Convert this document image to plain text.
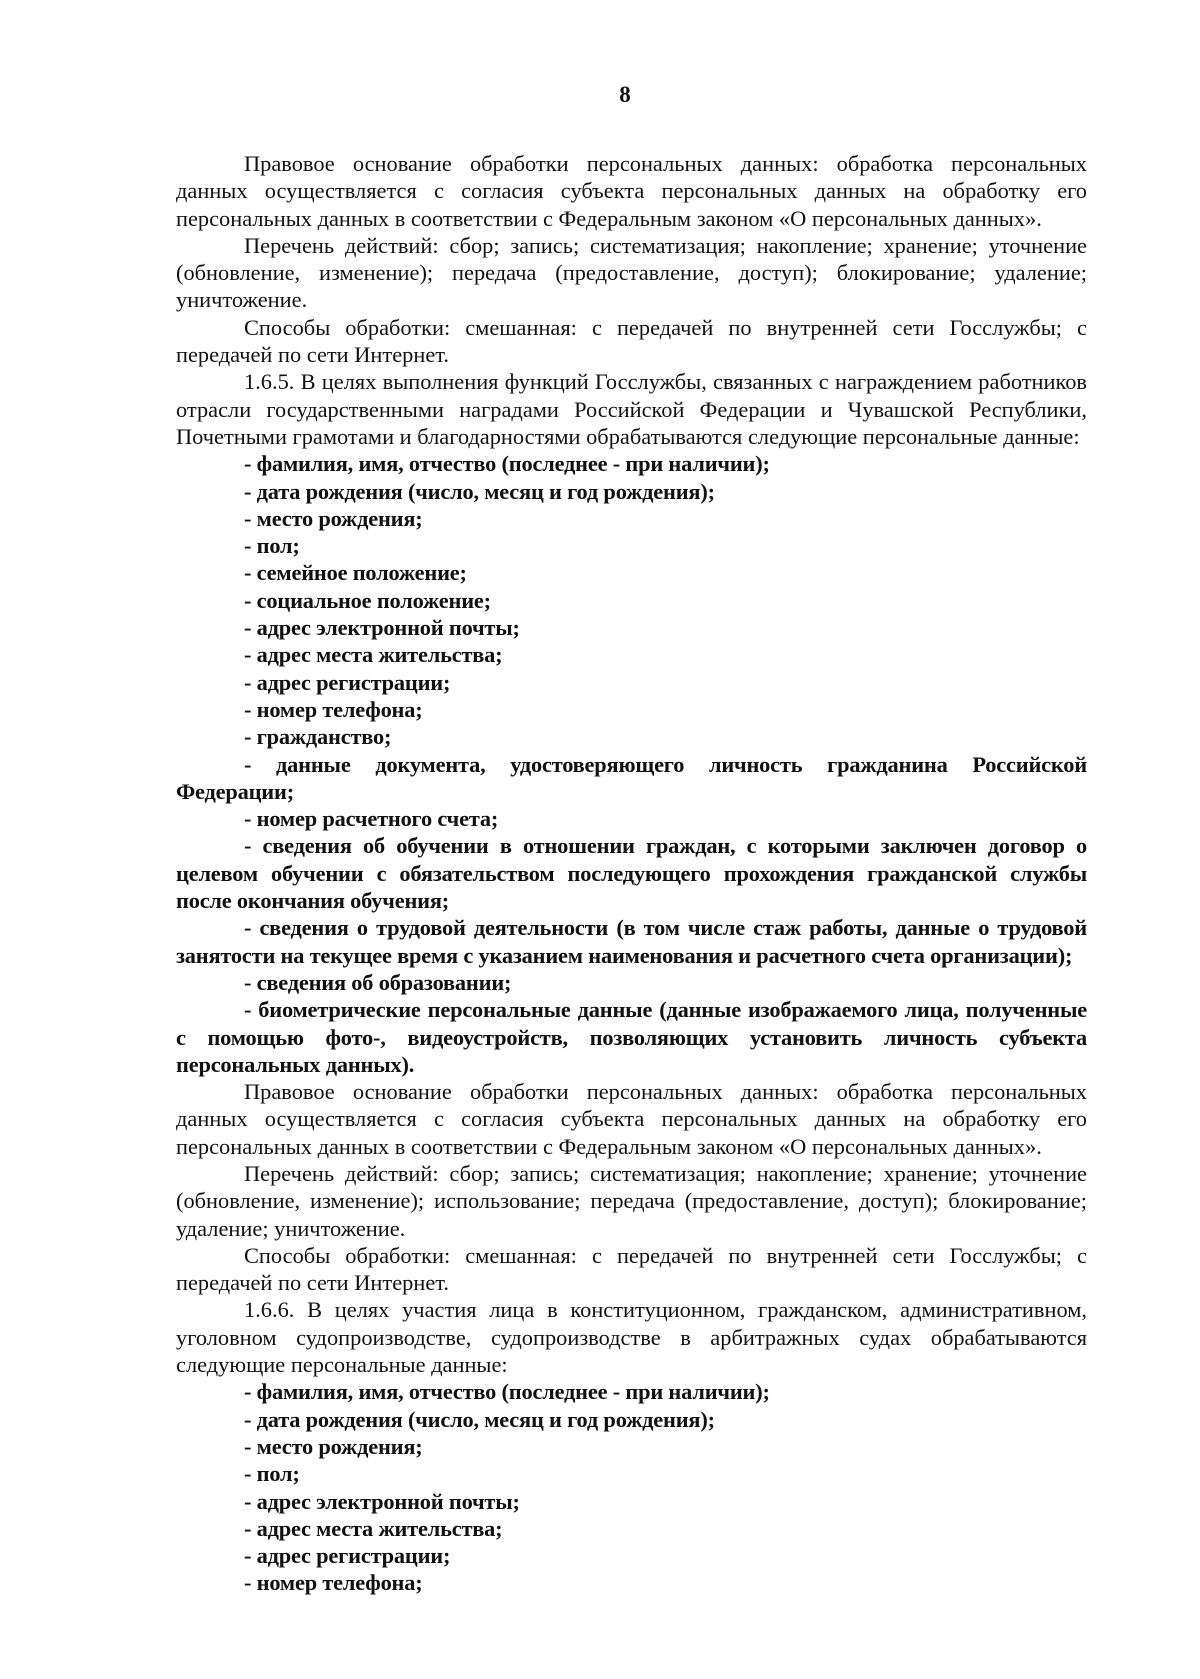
8

Правовое основание обработки персональных данных: обработка персональных данных осуществляется с согласия субъекта персональных данных на обработку его персональных данных в соответствии с Федеральным законом «О персональных данных».

Перечень действий: сбор; запись; систематизация; накопление; хранение; уточнение (обновление, изменение); передача (предоставление, доступ); блокирование; удаление; уничтожение.

Способы обработки: смешанная: с передачей по внутренней сети Госслужбы; с передачей по сети Интернет.

1.6.5. В целях выполнения функций Госслужбы, связанных с награждением работников отрасли государственными наградами Российской Федерации и Чувашской Республики, Почетными грамотами и благодарностями обрабатываются следующие персональные данные:

- фамилия, имя, отчество (последнее - при наличии);

- дата рождения (число, месяц и год рождения);

- место рождения;

- пол;

- семейное положение;

- социальное положение;

- адрес электронной почты;

- адрес места жительства;

- адрес регистрации;

- номер телефона;

- гражданство;

- данные документа, удостоверяющего личность гражданина Российской Федерации;

- номер расчетного счета;

- сведения об обучении в отношении граждан, с которыми заключен договор о целевом обучении с обязательством последующего прохождения гражданской службы после окончания обучения;

- сведения о трудовой деятельности (в том числе стаж работы, данные о трудовой занятости на текущее время с указанием наименования и расчетного счета организации);

- сведения об образовании;

- биометрические персональные данные (данные изображаемого лица, полученные с помощью фото-, видеоустройств, позволяющих установить личность субъекта персональных данных).

Правовое основание обработки персональных данных: обработка персональных данных осуществляется с согласия субъекта персональных данных на обработку его персональных данных в соответствии с Федеральным законом «О персональных данных».

Перечень действий: сбор; запись; систематизация; накопление; хранение; уточнение (обновление, изменение); использование; передача (предоставление, доступ); блокирование; удаление; уничтожение.

Способы обработки: смешанная: с передачей по внутренней сети Госслужбы; с передачей по сети Интернет.

1.6.6. В целях участия лица в конституционном, гражданском, административном, уголовном судопроизводстве, судопроизводстве в арбитражных судах обрабатываются следующие персональные данные:

- фамилия, имя, отчество (последнее - при наличии);

- дата рождения (число, месяц и год рождения);

- место рождения;

- пол;

- адрес электронной почты;

- адрес места жительства;

- адрес регистрации;

- номер телефона;
